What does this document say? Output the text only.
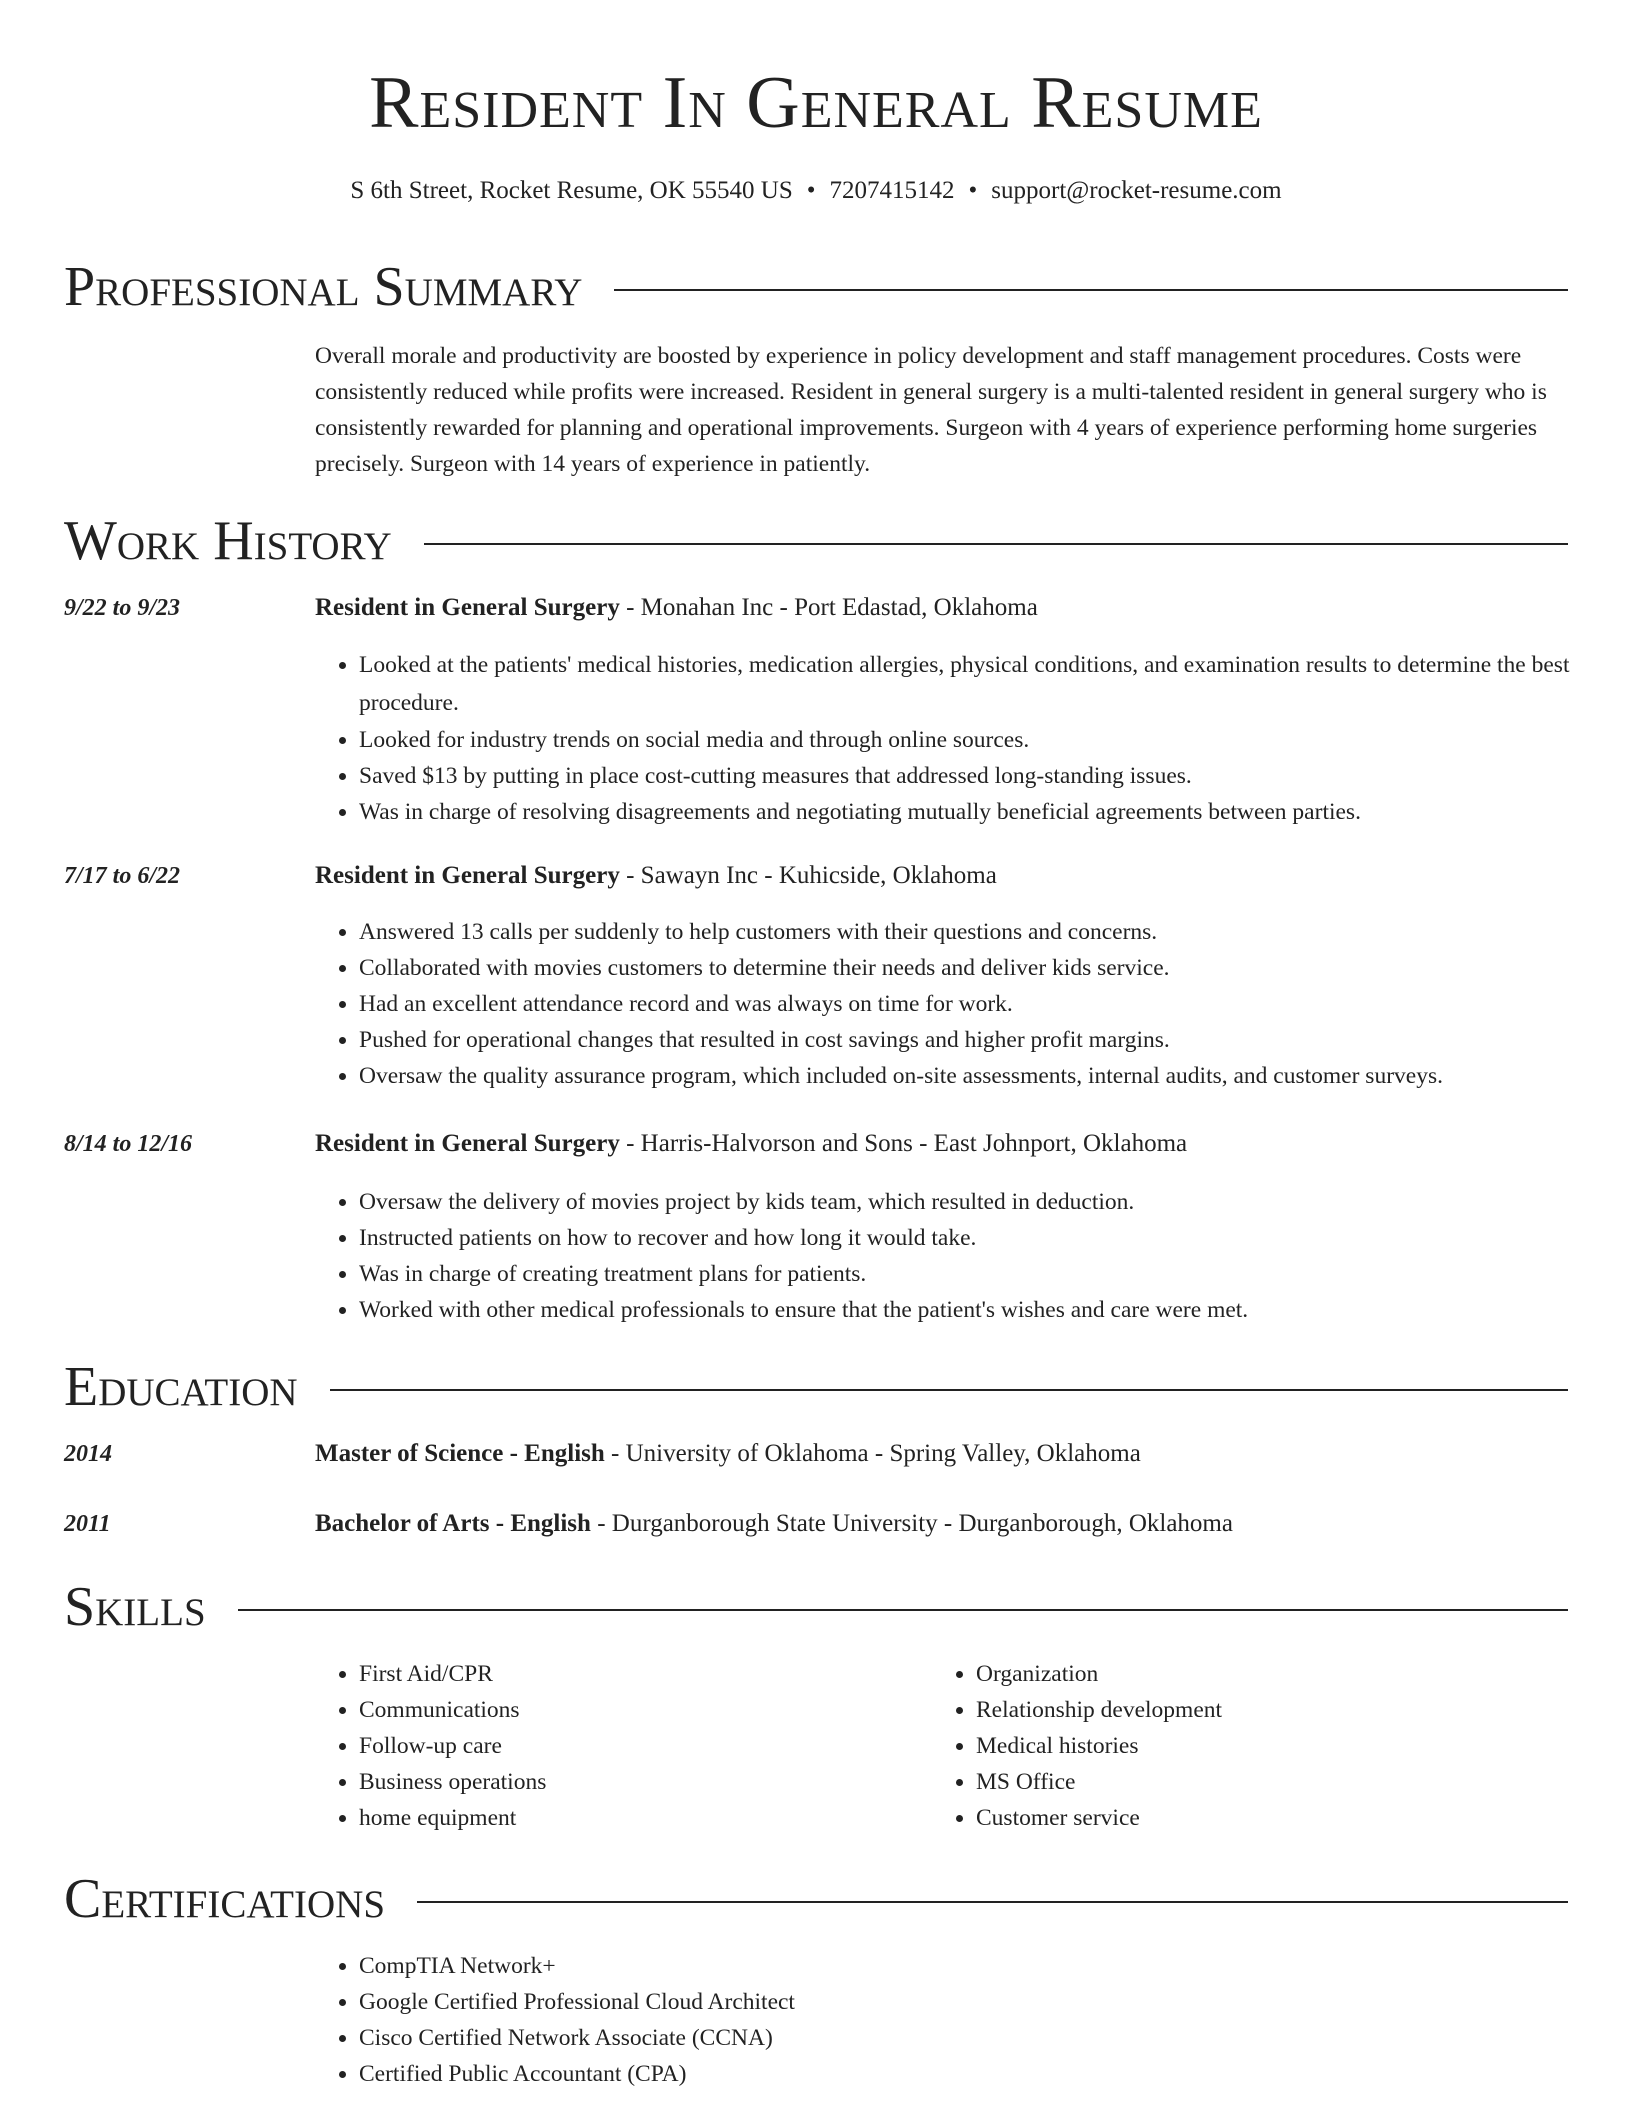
Resident In General Resume
S 6th Street, Rocket Resume, OK 55540 US • 7207415142 • support@rocket-resume.com
Professional Summary
Overall morale and productivity are boosted by experience in policy development and staff management procedures. Costs were consistently reduced while profits were increased. Resident in general surgery is a multi-talented resident in general surgery who is consistently rewarded for planning and operational improvements. Surgeon with 4 years of experience performing home surgeries precisely. Surgeon with 14 years of experience in patiently.
Work History
9/22 to 9/23	Resident in General Surgery - Monahan Inc - Port Edastad, Oklahoma
• Looked at the patients' medical histories, medication allergies, physical conditions, and examination results to determine the best procedure.
• Looked for industry trends on social media and through online sources.
• Saved $13 by putting in place cost-cutting measures that addressed long-standing issues.
• Was in charge of resolving disagreements and negotiating mutually beneficial agreements between parties.
7/17 to 6/22	Resident in General Surgery - Sawayn Inc - Kuhicside, Oklahoma
• Answered 13 calls per suddenly to help customers with their questions and concerns.
• Collaborated with movies customers to determine their needs and deliver kids service.
• Had an excellent attendance record and was always on time for work.
• Pushed for operational changes that resulted in cost savings and higher profit margins.
• Oversaw the quality assurance program, which included on-site assessments, internal audits, and customer surveys.
8/14 to 12/16	Resident in General Surgery - Harris-Halvorson and Sons - East Johnport, Oklahoma
• Oversaw the delivery of movies project by kids team, which resulted in deduction.
• Instructed patients on how to recover and how long it would take.
• Was in charge of creating treatment plans for patients.
• Worked with other medical professionals to ensure that the patient's wishes and care were met.
Education
2014	Master of Science - English - University of Oklahoma - Spring Valley, Oklahoma
2011	Bachelor of Arts - English - Durganborough State University - Durganborough, Oklahoma
Skills
• First Aid/CPR
• Communications
• Follow-up care
• Business operations
• home equipment
• Organization
• Relationship development
• Medical histories
• MS Office
• Customer service
Certifications
• CompTIA Network+
• Google Certified Professional Cloud Architect
• Cisco Certified Network Associate (CCNA)
• Certified Public Accountant (CPA)
